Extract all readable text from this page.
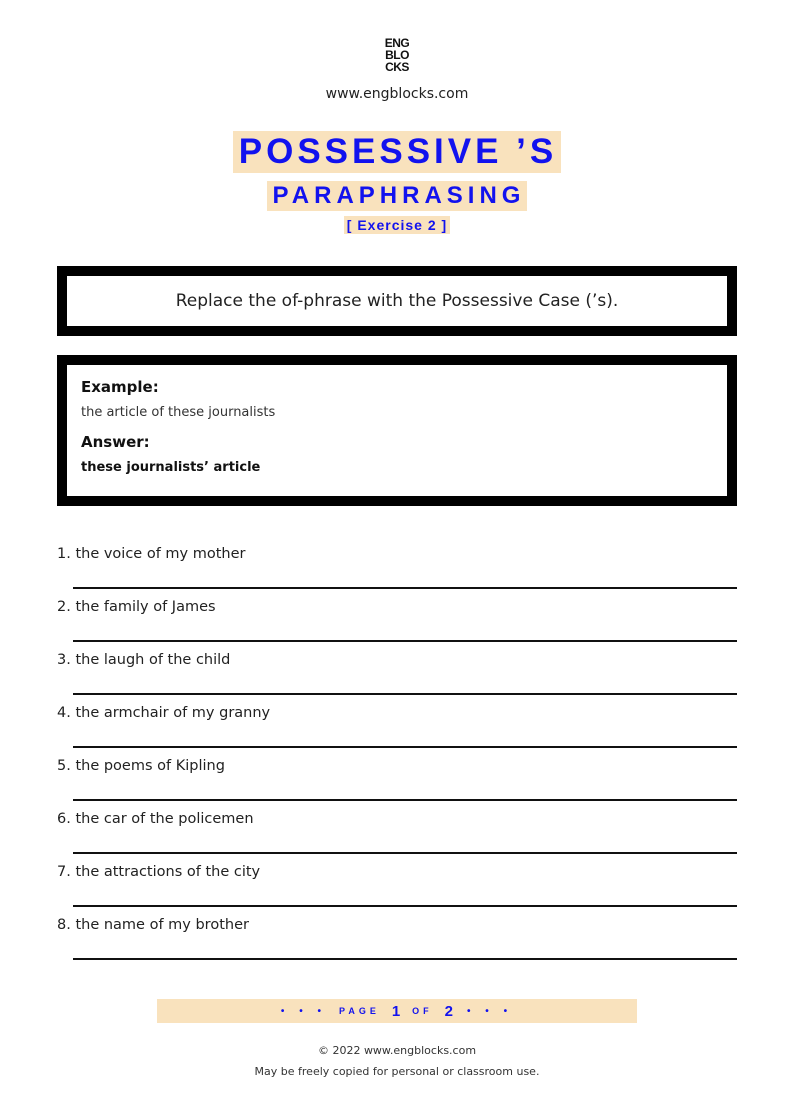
ENG
BLO
CKS
www.engblocks.com
POSSESSIVE ’S
PARAPHRASING
[ Exercise 2 ]
Replace the of-phrase with the Possessive Case (’s).
Example:
the article of these journalists
Answer:
these journalists’ article
1. the voice of my mother
2. the family of James
3. the laugh of the child
4. the armchair of my granny
5. the poems of Kipling
6. the car of the policemen
7. the attractions of the city
8. the name of my brother
• • • PAGE 1 OF 2 • • •
© 2022 www.engblocks.com
May be freely copied for personal or classroom use.
